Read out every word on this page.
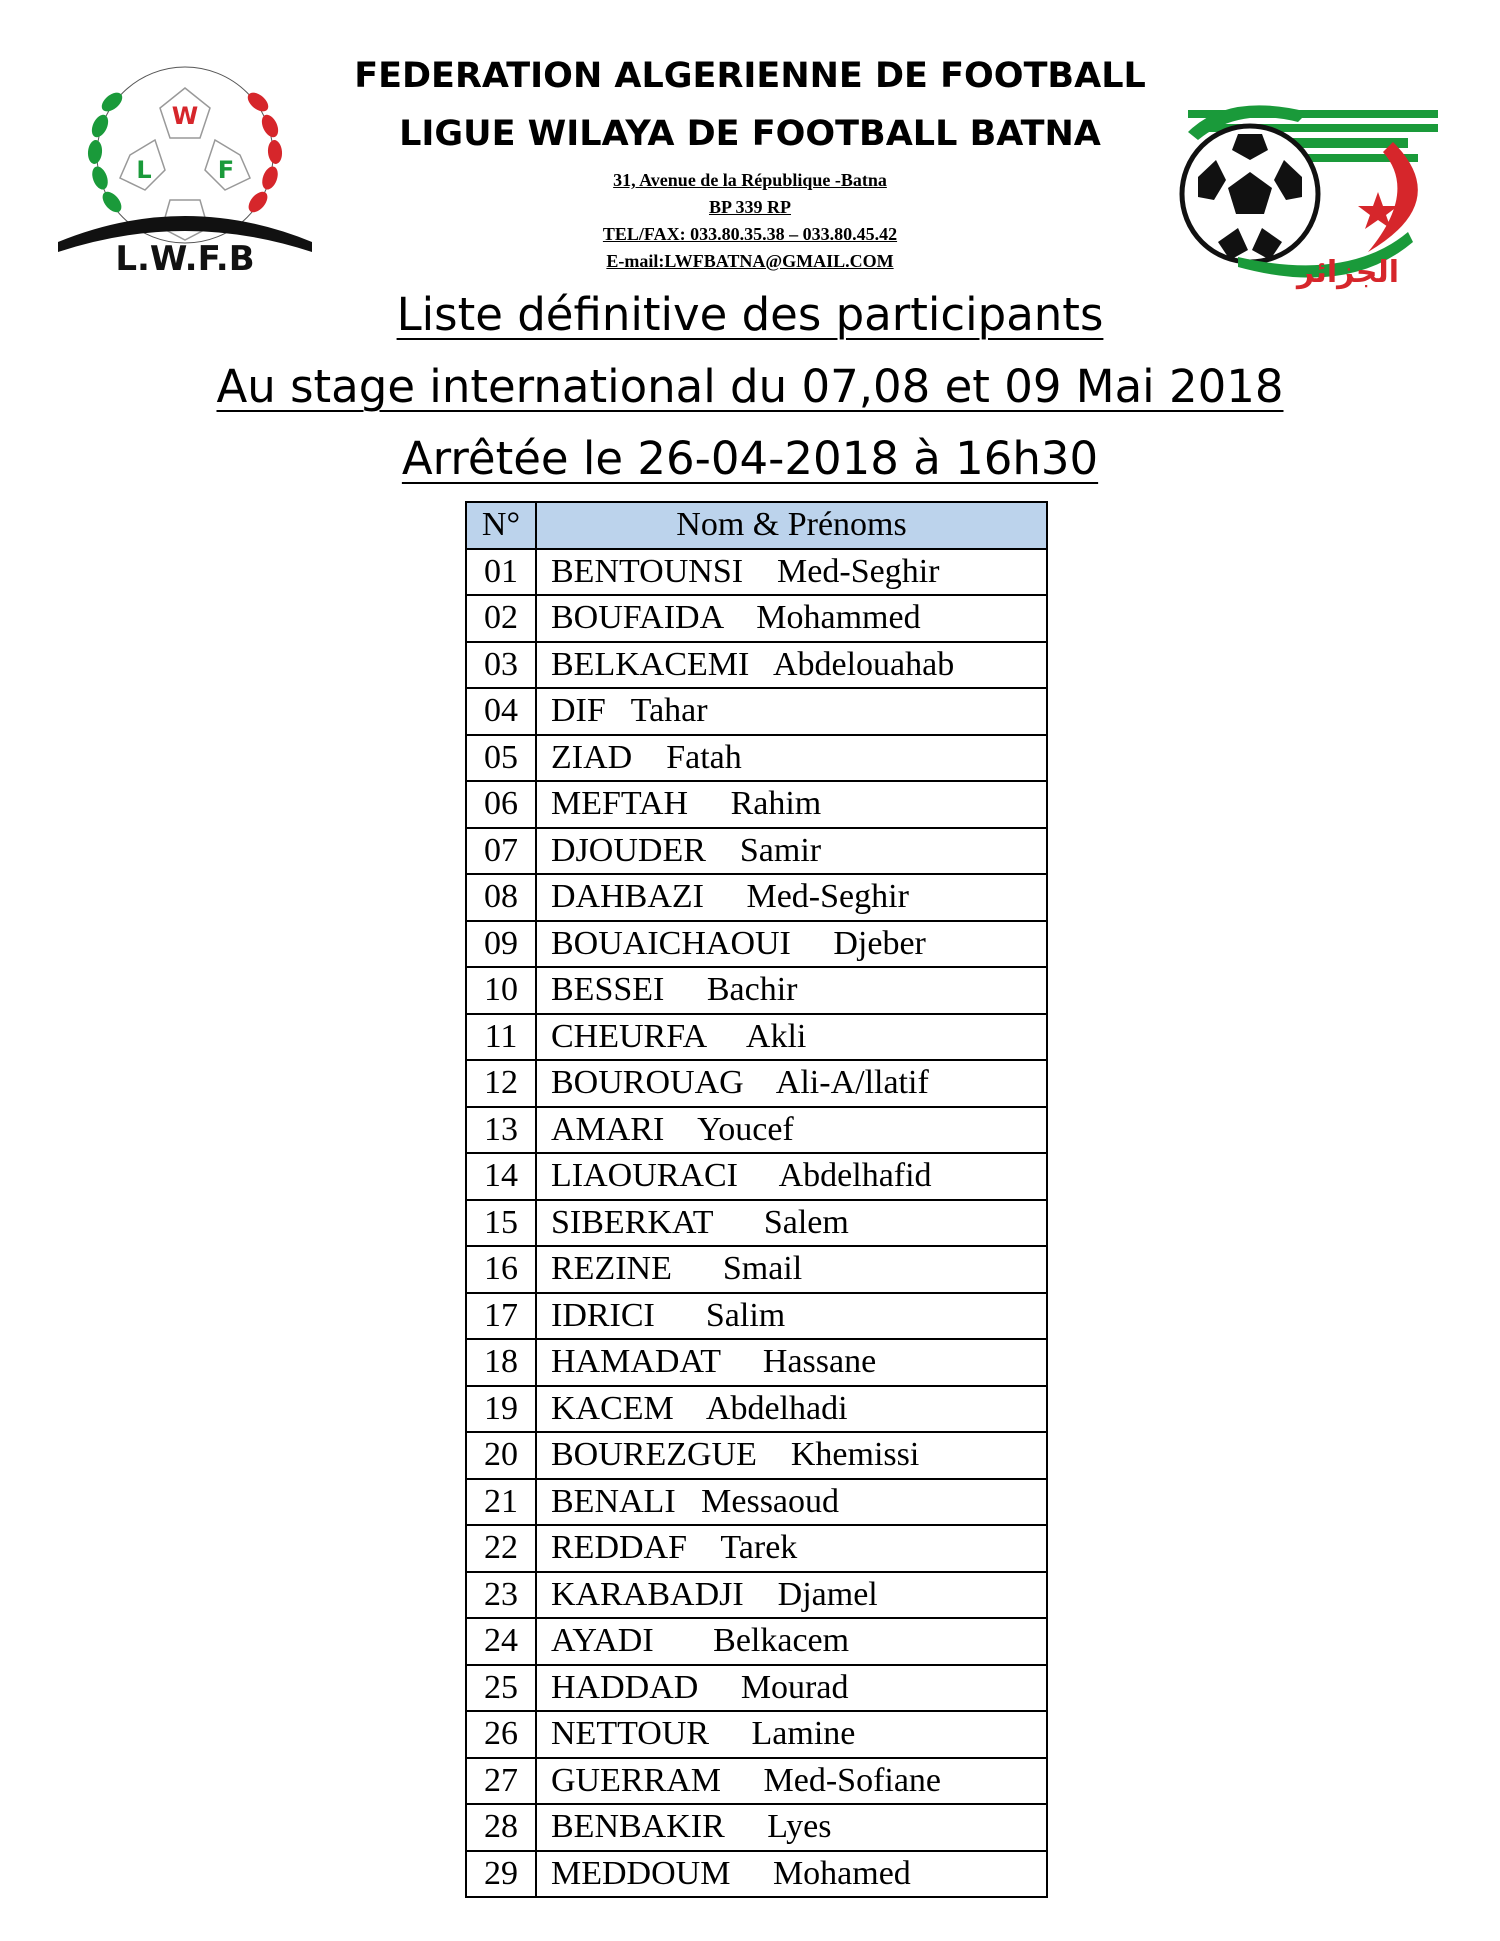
W
L	F
L.W.F.B	الجزائر
FEDERATION ALGERIENNE DE FOOTBALL
LIGUE WILAYA DE FOOTBALL BATNA
31, Avenue de la République -Batna
BP 339 RP
TEL/FAX: 033.80.35.38 – 033.80.45.42
E-mail:LWFBATNA@GMAIL.COM
Liste définitive des participants
Au stage international du 07,08 et 09 Mai 2018
Arrêtée le 26-04-2018 à 16h30
N°	Nom & Prénoms
01	BENTOUNSI    Med-Seghir
02	BOUFAIDA    Mohammed
03	BELKACEMI   Abdelouahab
04	DIF   Tahar
05	ZIAD    Fatah
06	MEFTAH     Rahim
07	DJOUDER    Samir
08	DAHBAZI     Med-Seghir
09	BOUAICHAOUI     Djeber
10	BESSEI     Bachir
11	CHEURFA     Akli
12	BOUROUAG    Ali-A/llatif
13	AMARI    Youcef
14	LIAOURACI     Abdelhafid
15	SIBERKAT      Salem
16	REZINE      Smail
17	IDRICI      Salim
18	HAMADAT     Hassane
19	KACEM    Abdelhadi
20	BOUREZGUE    Khemissi
21	BENALI   Messaoud
22	REDDAF    Tarek
23	KARABADJI    Djamel
24	AYADI       Belkacem
25	HADDAD     Mourad
26	NETTOUR     Lamine
27	GUERRAM     Med-Sofiane
28	BENBAKIR     Lyes
29	MEDDOUM     Mohamed
